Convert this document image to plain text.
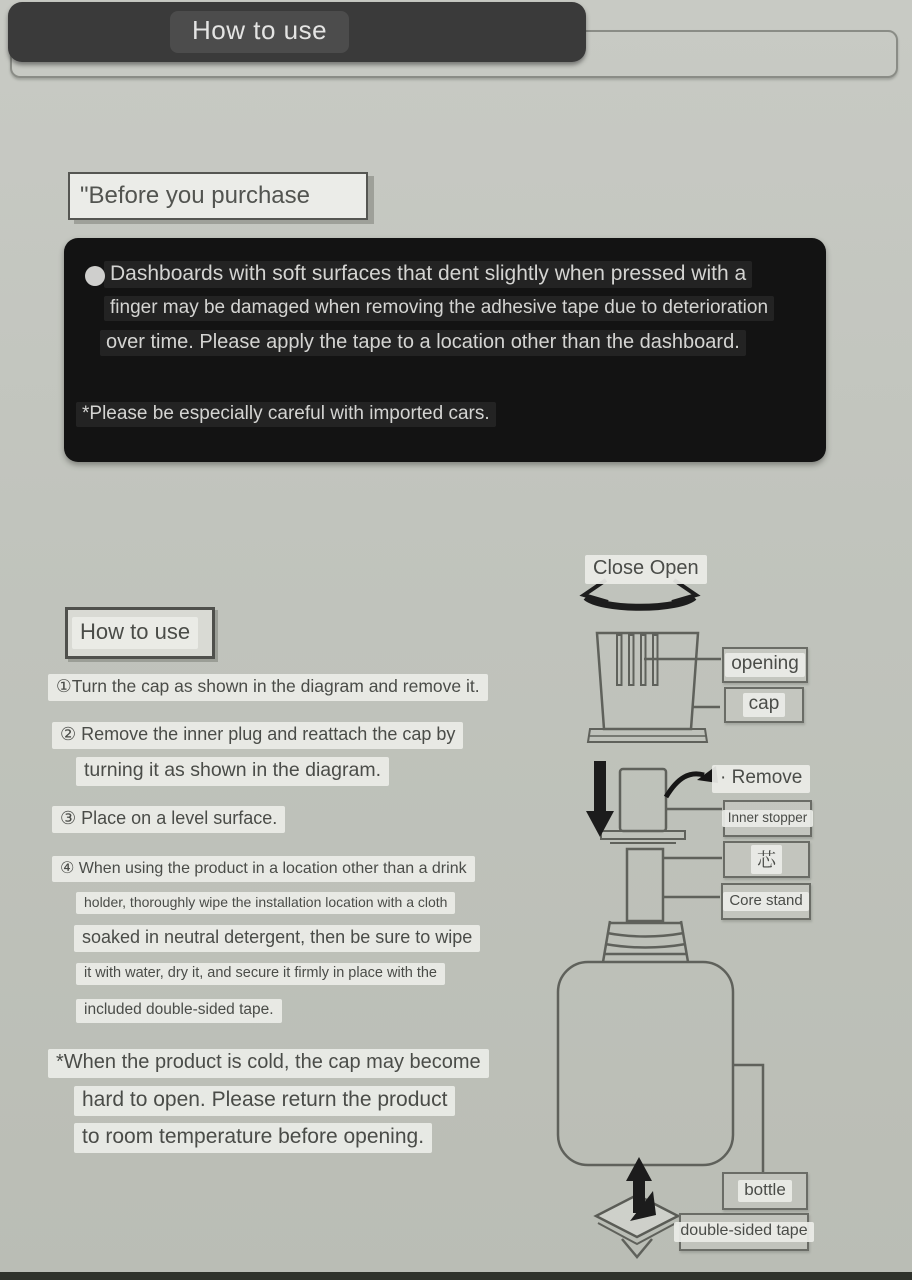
How to use
"Before you purchase
Dashboards with soft surfaces that dent slightly when pressed with a
finger may be damaged when removing the adhesive tape due to deterioration
over time. Please apply the tape to a location other than the dashboard.
*Please be especially careful with imported cars.
How to use
①Turn the cap as shown in the diagram and remove it.
② Remove the inner plug and reattach the cap by
turning it as shown in the diagram.
③ Place on a level surface.
④ When using the product in a location other than a drink
holder, thoroughly wipe the installation location with a cloth
soaked in neutral detergent, then be sure to wipe
it with water, dry it, and secure it firmly in place with the
included double-sided tape.
*When the product is cold, the cap may become
hard to open. Please return the product
to room temperature before opening.
Close Open
opening
cap
· Remove
Inner stopper
芯
Core stand
bottle
double-sided tape
